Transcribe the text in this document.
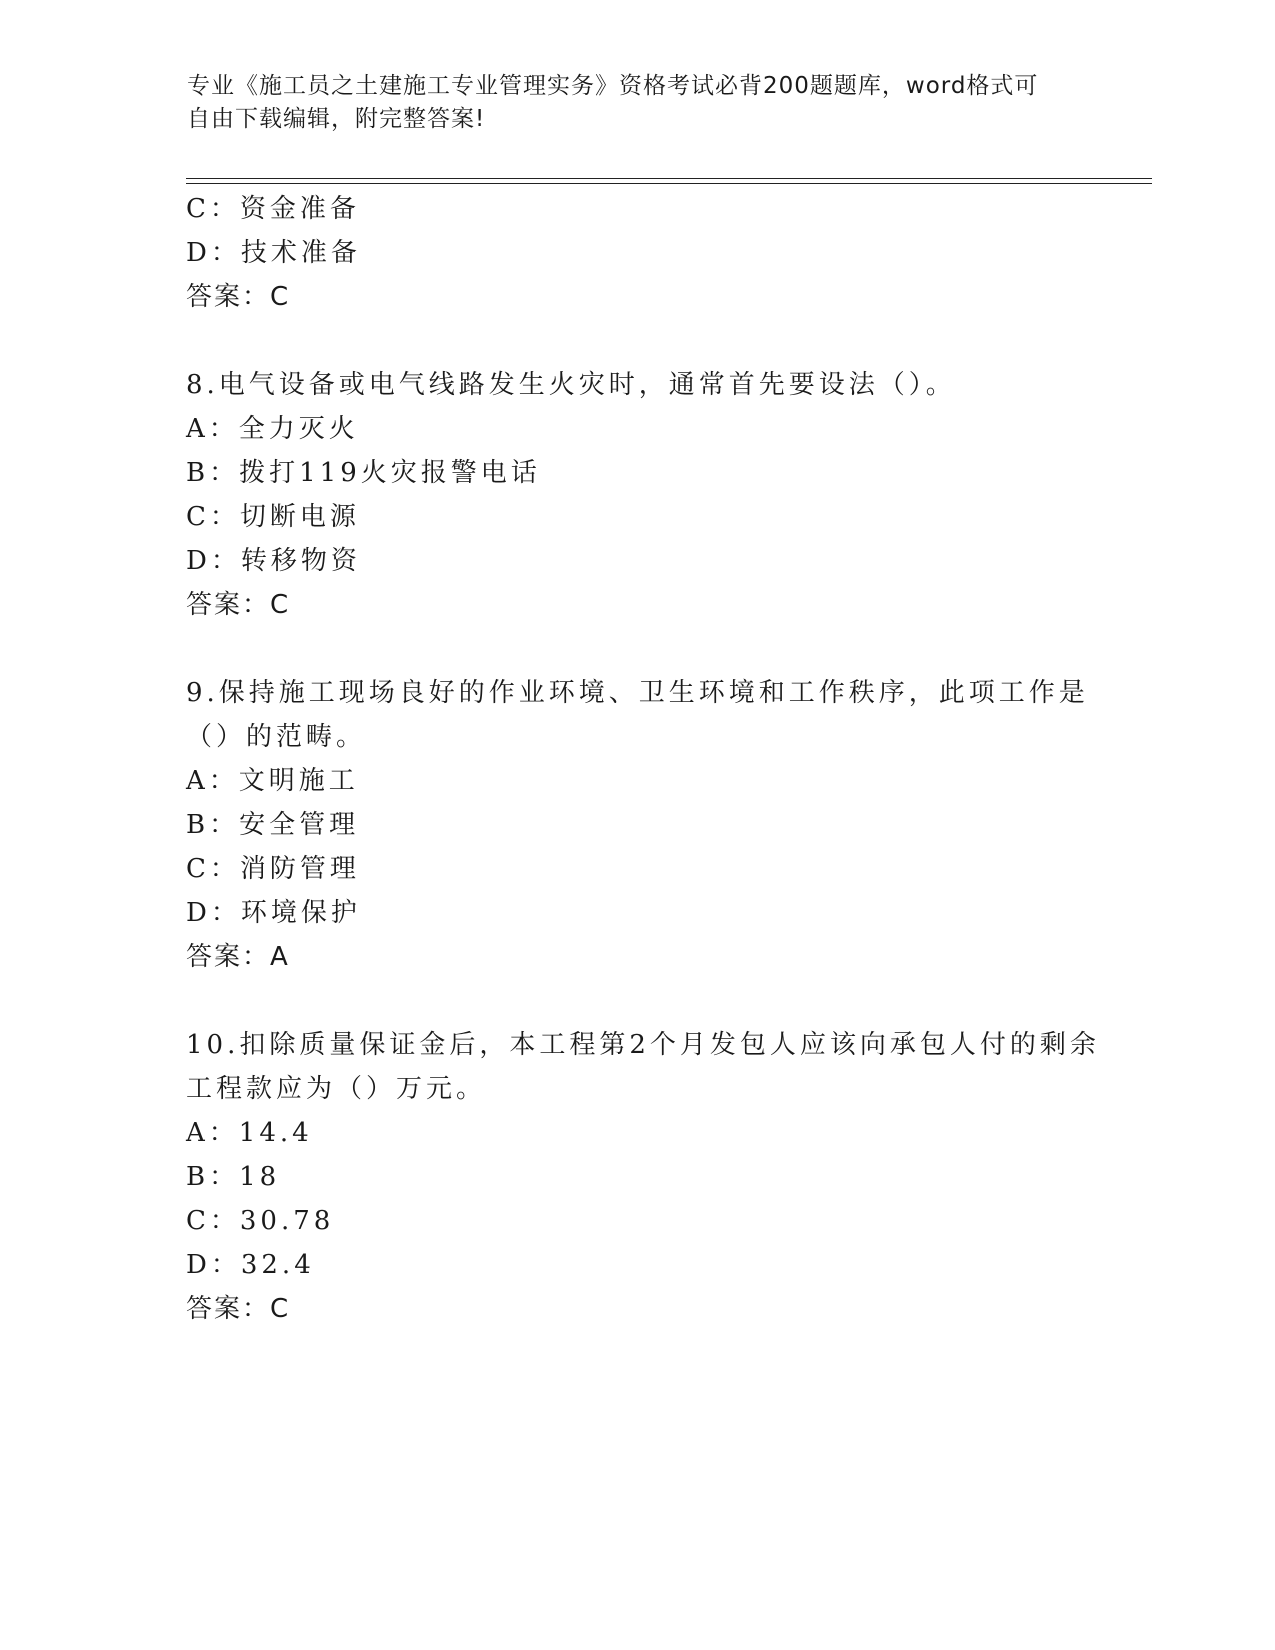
专业《施工员之土建施工专业管理实务》资格考试必背200题题库，word格式可
自由下载编辑，附完整答案!
C：资金准备
D：技术准备
答案：C
8.电气设备或电气线路发生火灾时，通常首先要设法（）。
A：全力灭火
B：拨打119火灾报警电话
C：切断电源
D：转移物资
答案：C
9.保持施工现场良好的作业环境、卫生环境和工作秩序，此项工作是
（）的范畴。
A：文明施工
B：安全管理
C：消防管理
D：环境保护
答案：A
10.扣除质量保证金后，本工程第2个月发包人应该向承包人付的剩余
工程款应为（）万元。
A：14.4
B：18
C：30.78
D：32.4
答案：C
